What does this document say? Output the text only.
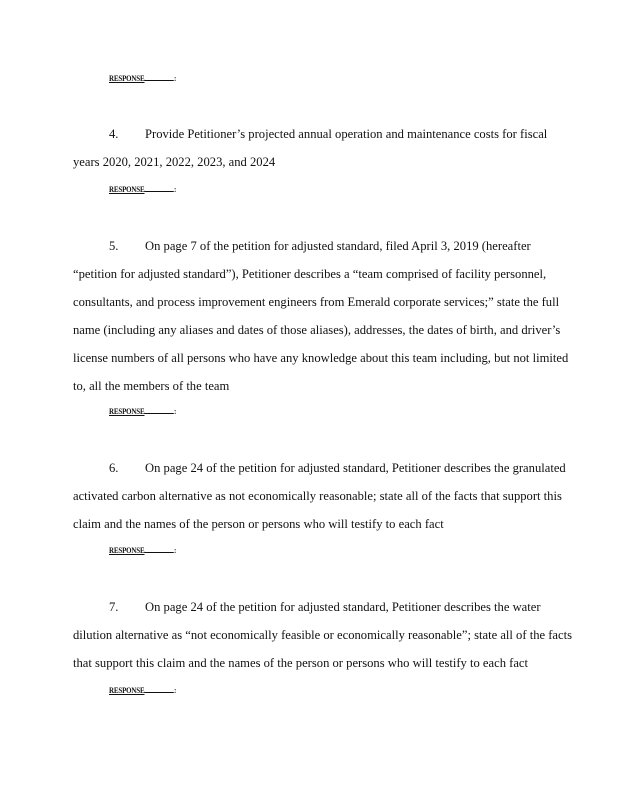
RESPONSE	:
4. Provide Petitioner’s projected annual operation and maintenance costs for fiscal
years 2020, 2021, 2022, 2023, and 2024
RESPONSE	:
5. On page 7 of the petition for adjusted standard, filed April 3, 2019 (hereafter
“petition for adjusted standard”), Petitioner describes a “team comprised of facility personnel,
consultants, and process improvement engineers from Emerald corporate services;” state the full
name (including any aliases and dates of those aliases), addresses, the dates of birth, and driver’s
license numbers of all persons who have any knowledge about this team including, but not limited
to, all the members of the team
RESPONSE	:
6. On page 24 of the petition for adjusted standard, Petitioner describes the granulated
activated carbon alternative as not economically reasonable; state all of the facts that support this
claim and the names of the person or persons who will testify to each fact
RESPONSE	:
7. On page 24 of the petition for adjusted standard, Petitioner describes the water
dilution alternative as “not economically feasible or economically reasonable”; state all of the facts
that support this claim and the names of the person or persons who will testify to each fact
RESPONSE	:
